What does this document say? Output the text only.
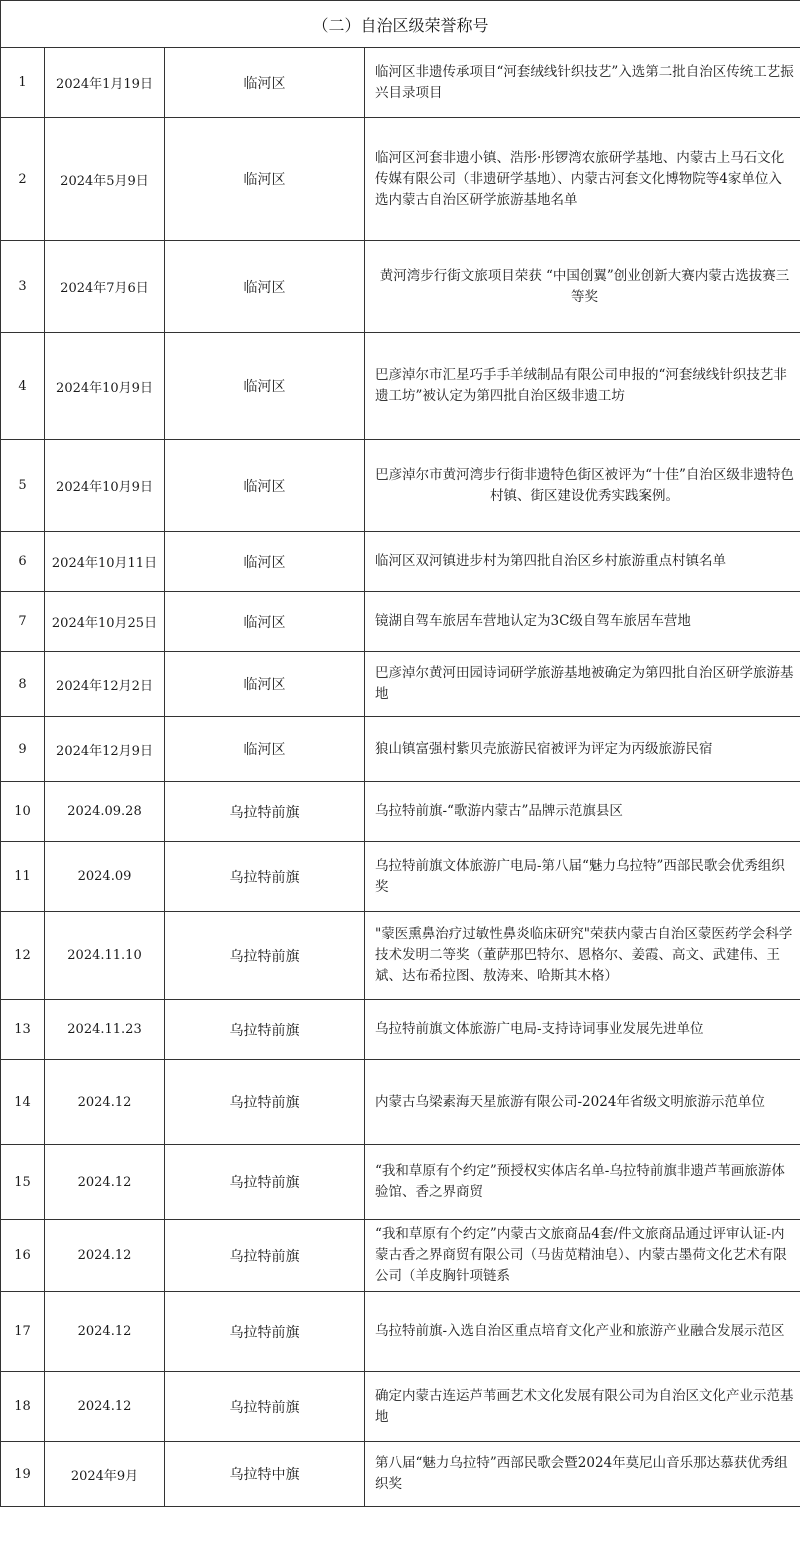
（二）自治区级荣誉称号			
1	2024年1月19日	临河区	临河区非遗传承项目“河套绒线针织技艺”入选第二批自治区传统工艺振兴目录项目
2	2024年5月9日	临河区	临河区河套非遗小镇、浩彤·彤锣湾农旅研学基地、内蒙古上马石文化传媒有限公司（非遗研学基地）、内蒙古河套文化博物院等4家单位入选内蒙古自治区研学旅游基地名单
3	2024年7月6日	临河区	黄河湾步行街文旅项目荣获 “中国创翼”创业创新大赛内蒙古选拔赛三等奖
4	2024年10月9日	临河区	巴彦淖尔市汇星巧手手羊绒制品有限公司申报的“河套绒线针织技艺非遗工坊”被认定为第四批自治区级非遗工坊
5	2024年10月9日	临河区	巴彦淖尔市黄河湾步行街非遗特色街区被评为“十佳”自治区级非遗特色村镇、街区建设优秀实践案例。
6	2024年10月11日	临河区	临河区双河镇进步村为第四批自治区乡村旅游重点村镇名单
7	2024年10月25日	临河区	镜湖自驾车旅居车营地认定为3C级自驾车旅居车营地
8	2024年12月2日	临河区	巴彦淖尔黄河田园诗词研学旅游基地被确定为第四批自治区研学旅游基地
9	2024年12月9日	临河区	狼山镇富强村紫贝壳旅游民宿被评为评定为丙级旅游民宿
10	2024.09.28	乌拉特前旗	乌拉特前旗-“歌游内蒙古”品牌示范旗县区
11	2024.09	乌拉特前旗	乌拉特前旗文体旅游广电局-第八届“魅力乌拉特”西部民歌会优秀组织奖
12	2024.11.10	乌拉特前旗	"蒙医熏鼻治疗过敏性鼻炎临床研究"荣获内蒙古自治区蒙医药学会科学技术发明二等奖（董萨那巴特尔、恩格尔、姜霞、高文、武建伟、王斌、达布希拉图、敖涛来、哈斯其木格）
13	2024.11.23	乌拉特前旗	乌拉特前旗文体旅游广电局-支持诗词事业发展先进单位
14	2024.12	乌拉特前旗	内蒙古乌梁素海天星旅游有限公司-2024年省级文明旅游示范单位
15	2024.12	乌拉特前旗	“我和草原有个约定”预授权实体店名单-乌拉特前旗非遗芦苇画旅游体验馆、香之界商贸
16	2024.12	乌拉特前旗	“我和草原有个约定”内蒙古文旅商品4套/件文旅商品通过评审认证-内蒙古香之界商贸有限公司（马齿苋精油皂）、内蒙古墨荷文化艺术有限公司（羊皮胸针项链系

17	2024.12	乌拉特前旗	乌拉特前旗-入选自治区重点培育文化产业和旅游产业融合发展示范区
18	2024.12	乌拉特前旗	确定内蒙古连运芦苇画艺术文化发展有限公司为自治区文化产业示范基地
19	2024年9月	乌拉特中旗	第八届“魅力乌拉特”西部民歌会暨2024年莫尼山音乐那达慕获优秀组织奖
